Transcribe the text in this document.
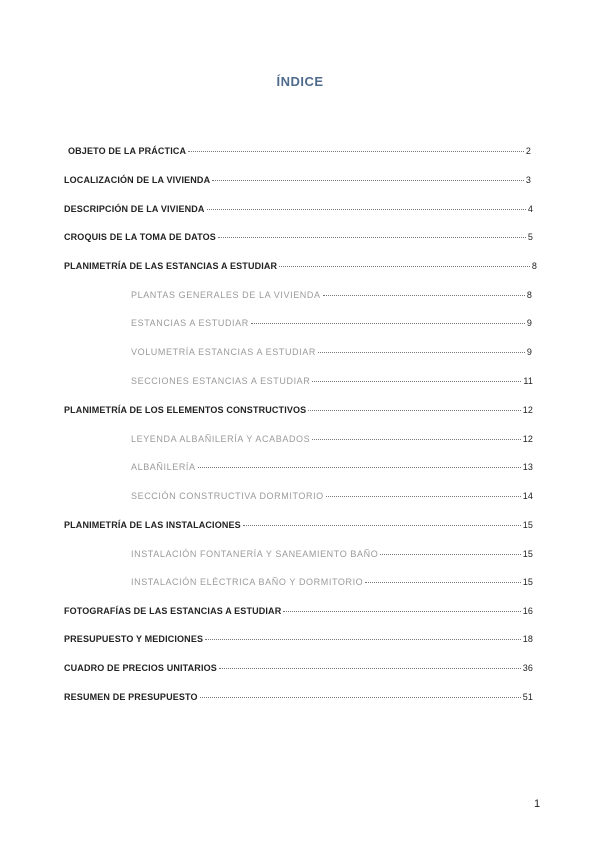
ÍNDICE
OBJETO DE LA PRÁCTICA	2
LOCALIZACIÓN DE LA VIVIENDA	3
DESCRIPCIÓN DE LA VIVIENDA	4
CROQUIS DE LA TOMA DE DATOS	5
PLANIMETRÍA DE LAS ESTANCIAS A ESTUDIAR	8
PLANTAS GENERALES DE LA VIVIENDA	8
ESTANCIAS A ESTUDIAR	9
VOLUMETRÍA ESTANCIAS A ESTUDIAR	9
SECCIONES ESTANCIAS A ESTUDIAR	11
PLANIMETRÍA DE LOS ELEMENTOS CONSTRUCTIVOS	12
LEYENDA ALBAÑILERÍA Y ACABADOS	12
ALBAÑILERÍA	13
SECCIÓN CONSTRUCTIVA DORMITORIO	14
PLANIMETRÍA DE LAS INSTALACIONES	15
INSTALACIÓN FONTANERÍA Y SANEAMIENTO BAÑO	15
INSTALACIÓN ELÉCTRICA BAÑO Y DORMITORIO	15
FOTOGRAFÍAS DE LAS ESTANCIAS A ESTUDIAR	16
PRESUPUESTO Y MEDICIONES	18
CUADRO DE PRECIOS UNITARIOS	36
RESUMEN DE PRESUPUESTO	51
1
